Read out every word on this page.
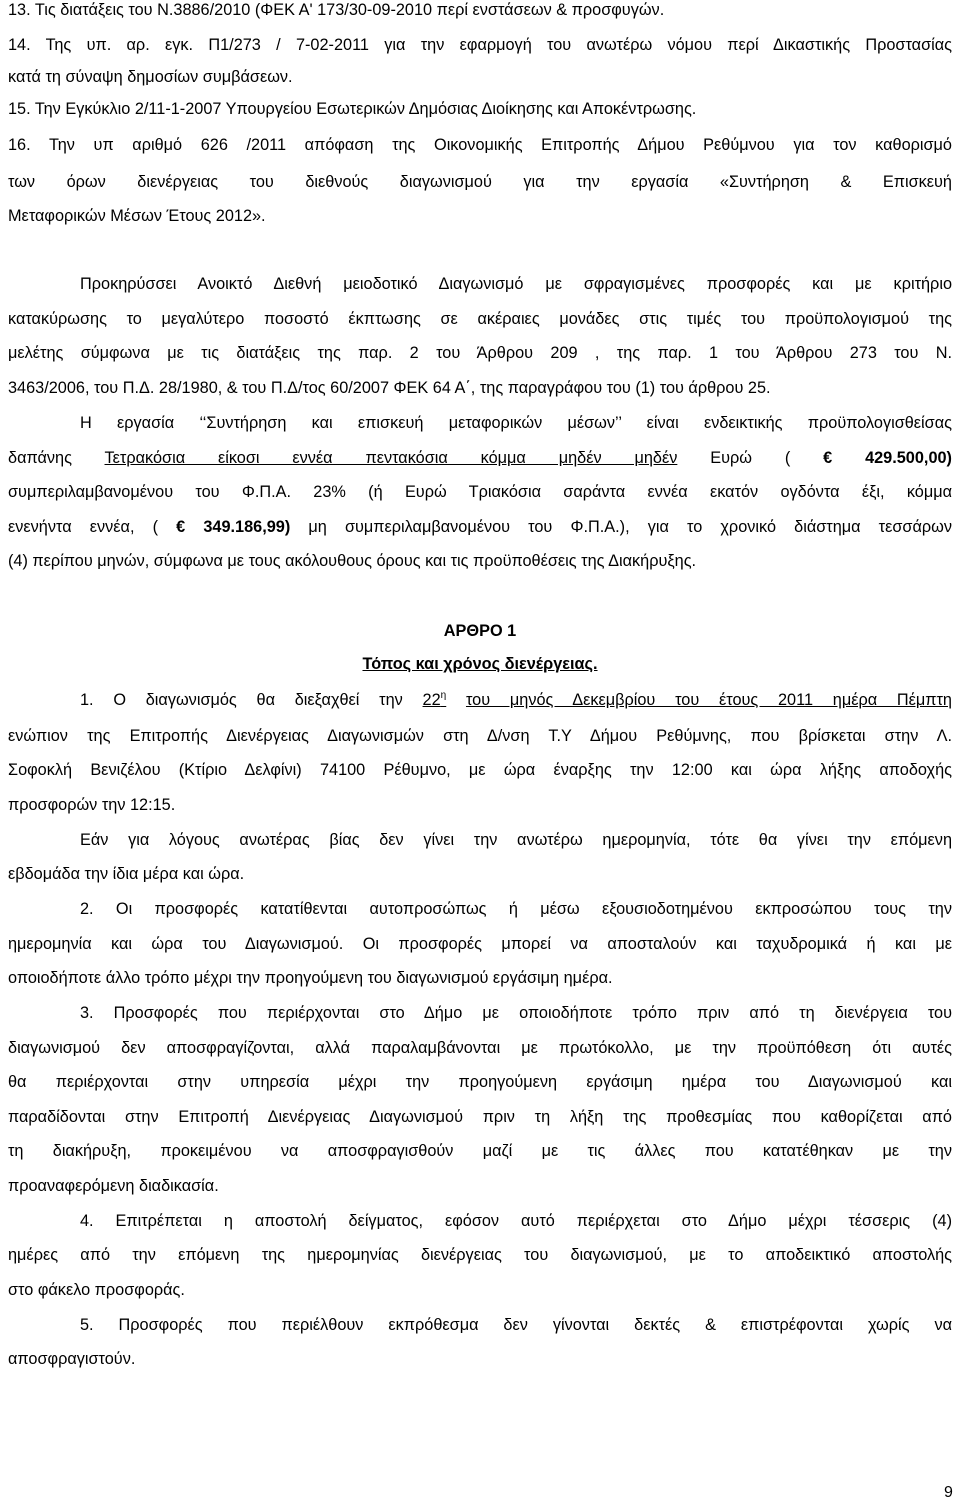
13. Τις διατάξεις του Ν.3886/2010 (ΦΕΚ Α' 173/30-09-2010 περί ενστάσεων & προσφυγών.
14. Της υπ. αρ. εγκ. Π1/273 / 7-02-2011 για την εφαρμογή του ανωτέρω νόμου περί Δικαστικής Προστασίας
κατά τη σύναψη δημοσίων συμβάσεων.
15. Την Εγκύκλιο 2/11-1-2007 Υπουργείου Εσωτερικών Δημόσιας Διοίκησης και Αποκέντρωσης.
16. Την υπ αριθμό 626 /2011 απόφαση της Οικονομικής Επιτροπής Δήμου Ρεθύμνου για τον καθορισμό
των όρων διενέργειας του διεθνούς διαγωνισμού για την εργασία «Συντήρηση & Επισκευή
Μεταφορικών Μέσων Έτους 2012».
Προκηρύσσει Ανοικτό Διεθνή μειοδοτικό Διαγωνισμό με σφραγισμένες προσφορές και με κριτήριο
κατακύρωσης το μεγαλύτερο ποσοστό έκπτωσης σε ακέραιες μονάδες στις τιμές του προϋπολογισμού της
μελέτης σύμφωνα με τις διατάξεις της παρ. 2 του Άρθρου 209 , της παρ. 1 του Άρθρου 273 του Ν.
3463/2006, του Π.Δ. 28/1980, & του Π.Δ/τος 60/2007 ΦΕΚ 64 Α΄, της παραγράφου του (1) του άρθρου 25.
Η εργασία ‘‘Συντήρηση και επισκευή μεταφορικών μέσων’’ είναι ενδεικτικής προϋπολογισθείσας
δαπάνης Τετρακόσια είκοσι εννέα πεντακόσια κόμμα μηδέν μηδέν Ευρώ ( € 429.500,00)
συμπεριλαμβανομένου του Φ.Π.Α. 23% (ή Ευρώ Τριακόσια σαράντα εννέα εκατόν ογδόντα έξι, κόμμα
ενενήντα εννέα, ( € 349.186,99) μη συμπεριλαμβανομένου του Φ.Π.Α.), για το χρονικό διάστημα τεσσάρων
(4) περίπου μηνών, σύμφωνα με τους ακόλουθους όρους και τις προϋποθέσεις της Διακήρυξης.
ΑΡΘΡΟ 1
Τόπος και χρόνος διενέργειας.
1. Ο διαγωνισμός θα διεξαχθεί την $22^\eta$ του μηνός Δεκεμβρίου του έτους 2011 ημέρα Πέμπτη
ενώπιον της Επιτροπής Διενέργειας Διαγωνισμών στη Δ/νση Τ.Υ Δήμου Ρεθύμνης, που βρίσκεται στην Λ.
Σοφοκλή Βενιζέλου (Κτίριο Δελφίνι) 74100 Ρέθυμνο, με ώρα έναρξης την 12:00 και ώρα λήξης αποδοχής
προσφορών την 12:15.
Εάν για λόγους ανωτέρας βίας δεν γίνει την ανωτέρω ημερομηνία, τότε θα γίνει την επόμενη
εβδομάδα την ίδια μέρα και ώρα.
2. Οι προσφορές κατατίθενται αυτοπροσώπως ή μέσω εξουσιοδοτημένου εκπροσώπου τους την
ημερομηνία και ώρα του Διαγωνισμού. Οι προσφορές μπορεί να αποσταλούν και ταχυδρομικά ή και με
οποιοδήποτε άλλο τρόπο μέχρι την προηγούμενη του διαγωνισμού εργάσιμη ημέρα.
3. Προσφορές που περιέρχονται στο Δήμο με οποιοδήποτε τρόπο πριν από τη διενέργεια του
διαγωνισμού δεν αποσφραγίζονται, αλλά παραλαμβάνονται με πρωτόκολλο, με την προϋπόθεση ότι αυτές
θα περιέρχονται στην υπηρεσία μέχρι την προηγούμενη εργάσιμη ημέρα του Διαγωνισμού και
παραδίδονται στην Επιτροπή Διενέργειας Διαγωνισμού πριν τη λήξη της προθεσμίας που καθορίζεται από
τη διακήρυξη, προκειμένου να αποσφραγισθούν μαζί με τις άλλες που κατατέθηκαν με την
προαναφερόμενη διαδικασία.
4. Επιτρέπεται η αποστολή δείγματος, εφόσον αυτό περιέρχεται στο Δήμο μέχρι τέσσερις (4)
ημέρες από την επόμενη της ημερομηνίας διενέργειας του διαγωνισμού, με το αποδεικτικό αποστολής
στο φάκελο προσφοράς.
5. Προσφορές που περιέλθουν εκπρόθεσμα δεν γίνονται δεκτές & επιστρέφονται χωρίς να
αποσφραγιστούν.
9
